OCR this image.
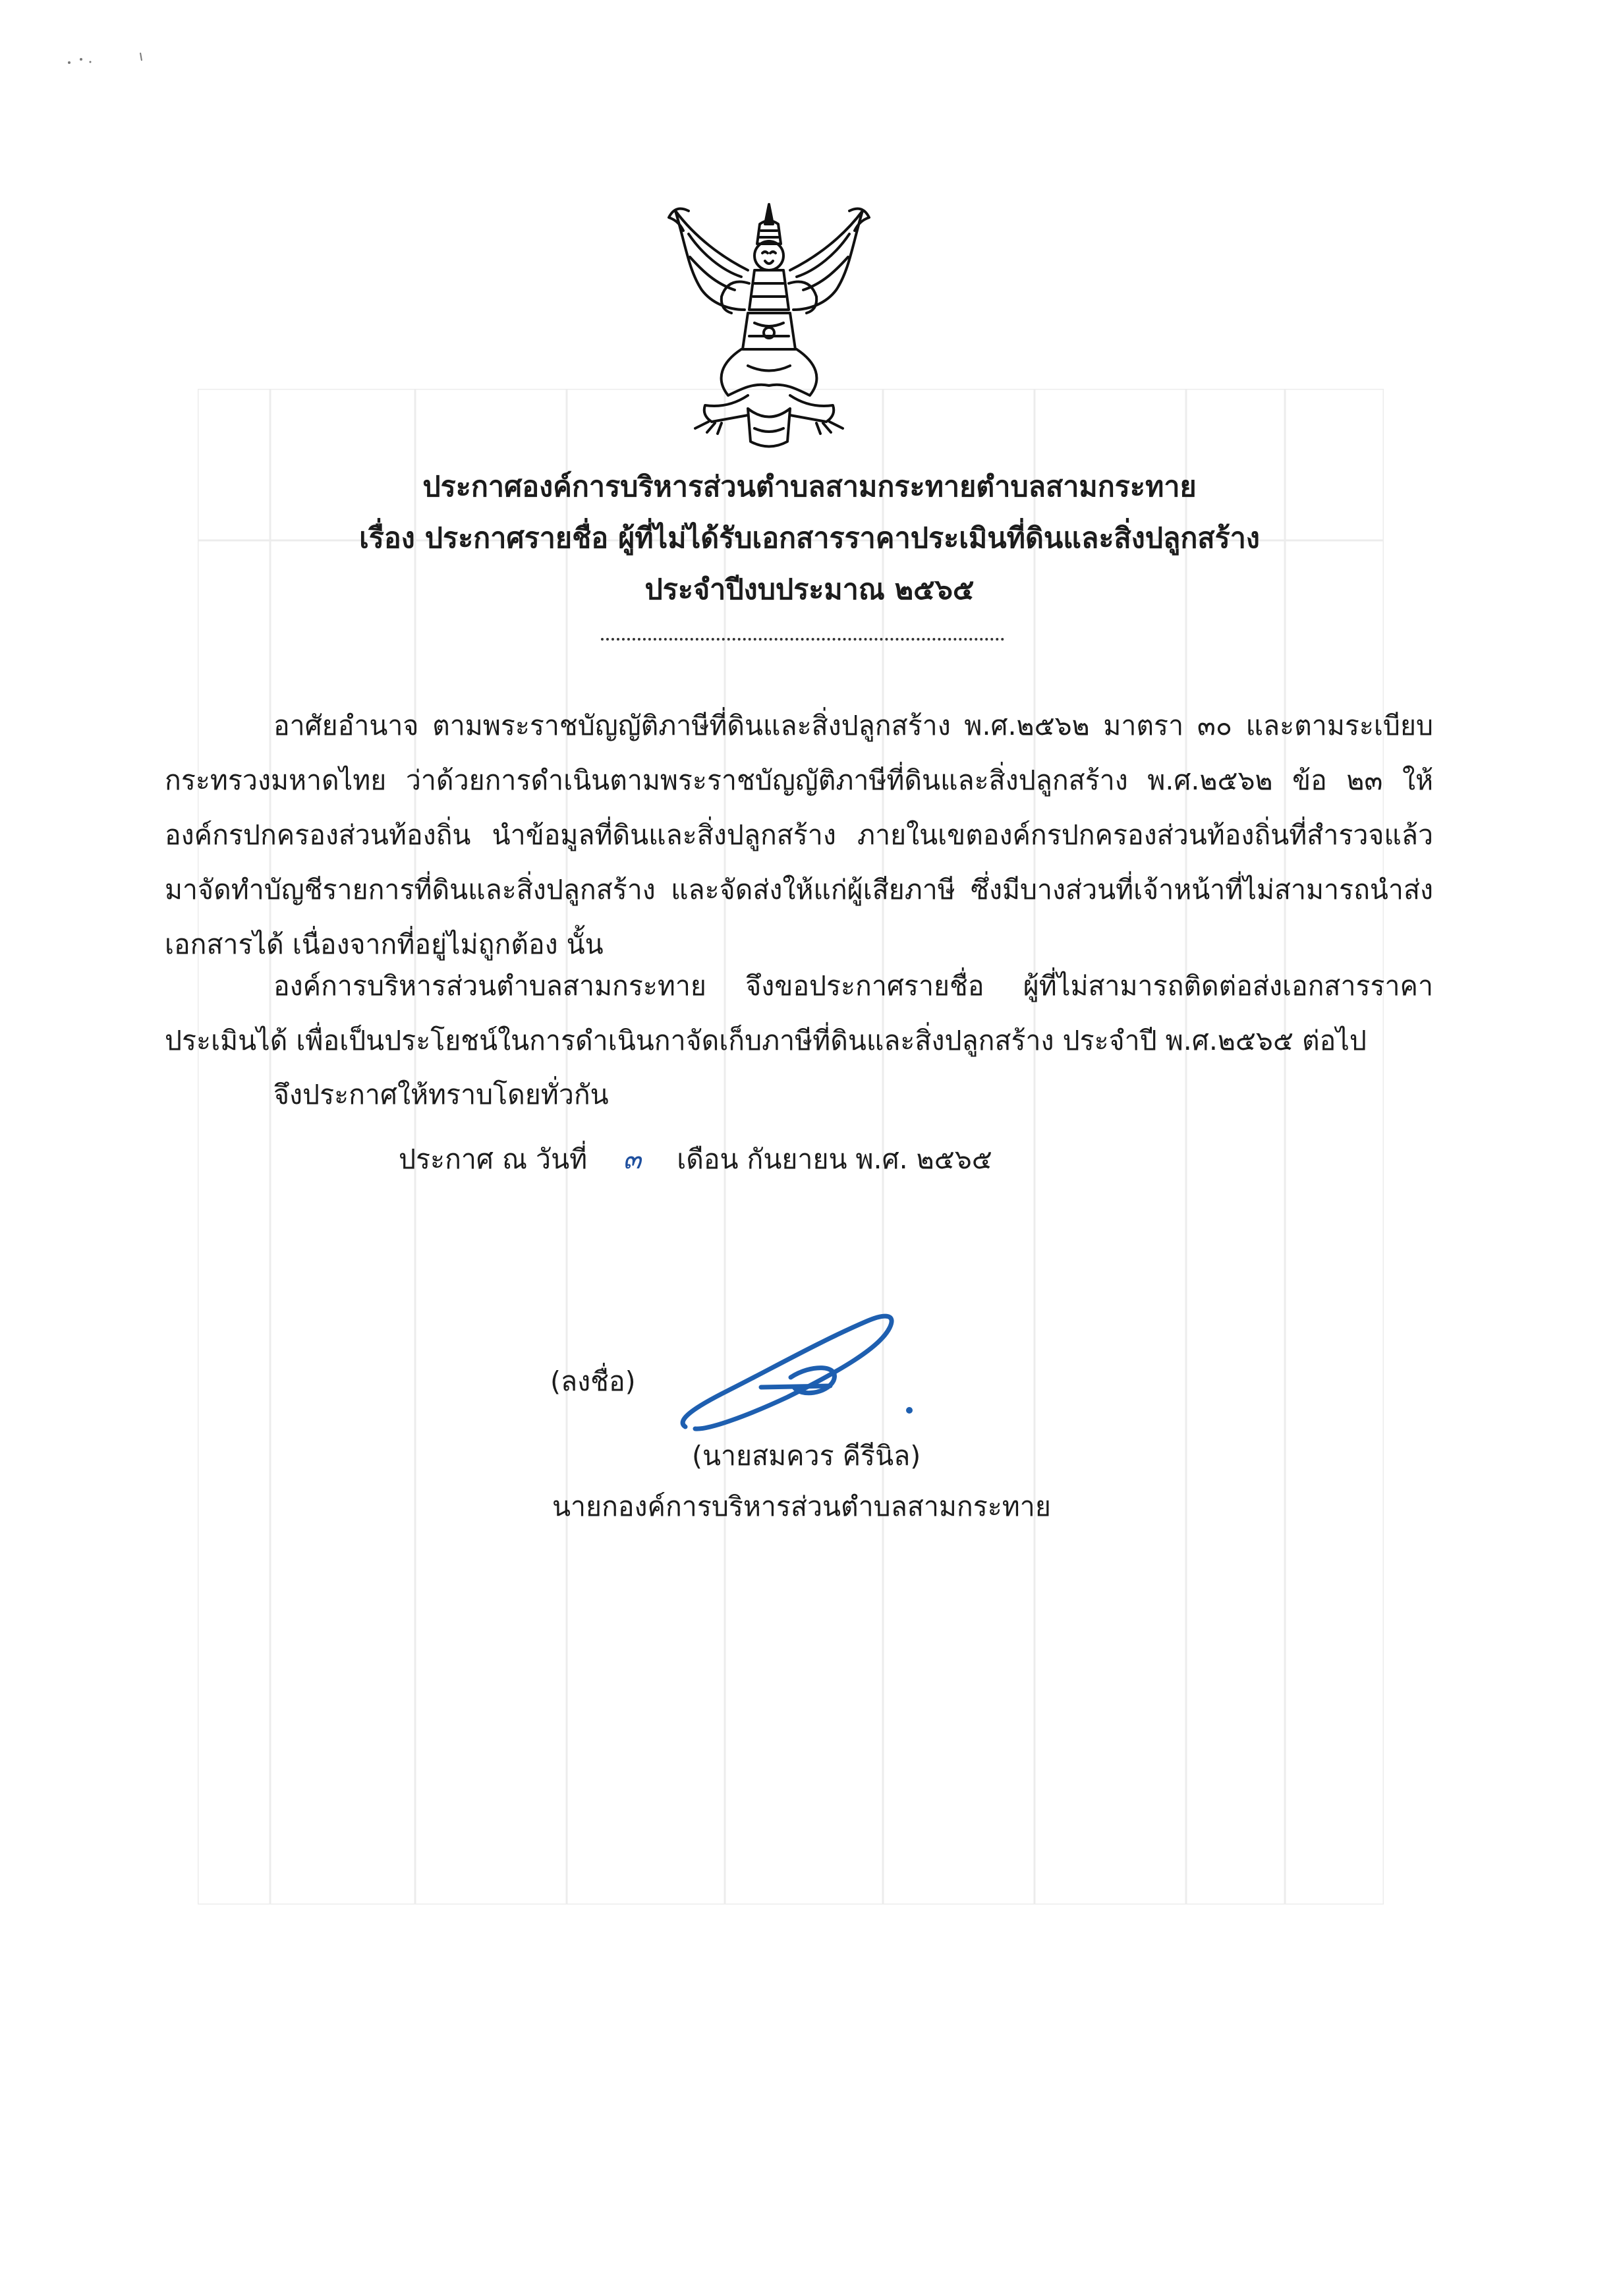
ประกาศองค์การบริหารส่วนตำบลสามกระทายตำบลสามกระทาย
เรื่อง ประกาศรายชื่อ ผู้ที่ไม่ได้รับเอกสารราคาประเมินที่ดินและสิ่งปลูกสร้าง
ประจำปีงบประมาณ ๒๕๖๕
อาศัยอำนาจ ตามพระราชบัญญัติภาษีที่ดินและสิ่งปลูกสร้าง พ.ศ.๒๕๖๒ มาตรา ๓๐ และตามระเบียบกระทรวงมหาดไทย ว่าด้วยการดำเนินตามพระราชบัญญัติภาษีที่ดินและสิ่งปลูกสร้าง พ.ศ.๒๕๖๒ ข้อ ๒๓ ให้องค์กรปกครองส่วนท้องถิ่น นำข้อมูลที่ดินและสิ่งปลูกสร้าง ภายในเขตองค์กรปกครองส่วนท้องถิ่นที่สำรวจแล้ว มาจัดทำบัญชีรายการที่ดินและสิ่งปลูกสร้าง และจัดส่งให้แก่ผู้เสียภาษี ซึ่งมีบางส่วนที่เจ้าหน้าที่ไม่สามารถนำส่งเอกสารได้ เนื่องจากที่อยู่ไม่ถูกต้อง นั้น
องค์การบริหารส่วนตำบลสามกระทาย จึงขอประกาศรายชื่อ ผู้ที่ไม่สามารถติดต่อส่งเอกสารราคาประเมินได้ เพื่อเป็นประโยชน์ในการดำเนินกาจัดเก็บภาษีที่ดินและสิ่งปลูกสร้าง ประจำปี พ.ศ.๒๕๖๕ ต่อไป
จึงประกาศให้ทราบโดยทั่วกัน
ประกาศ ณ วันที่ ๓ เดือน กันยายน พ.ศ. ๒๕๖๕
(ลงชื่อ)
(นายสมควร คีรีนิล)
นายกองค์การบริหารส่วนตำบลสามกระทาย
